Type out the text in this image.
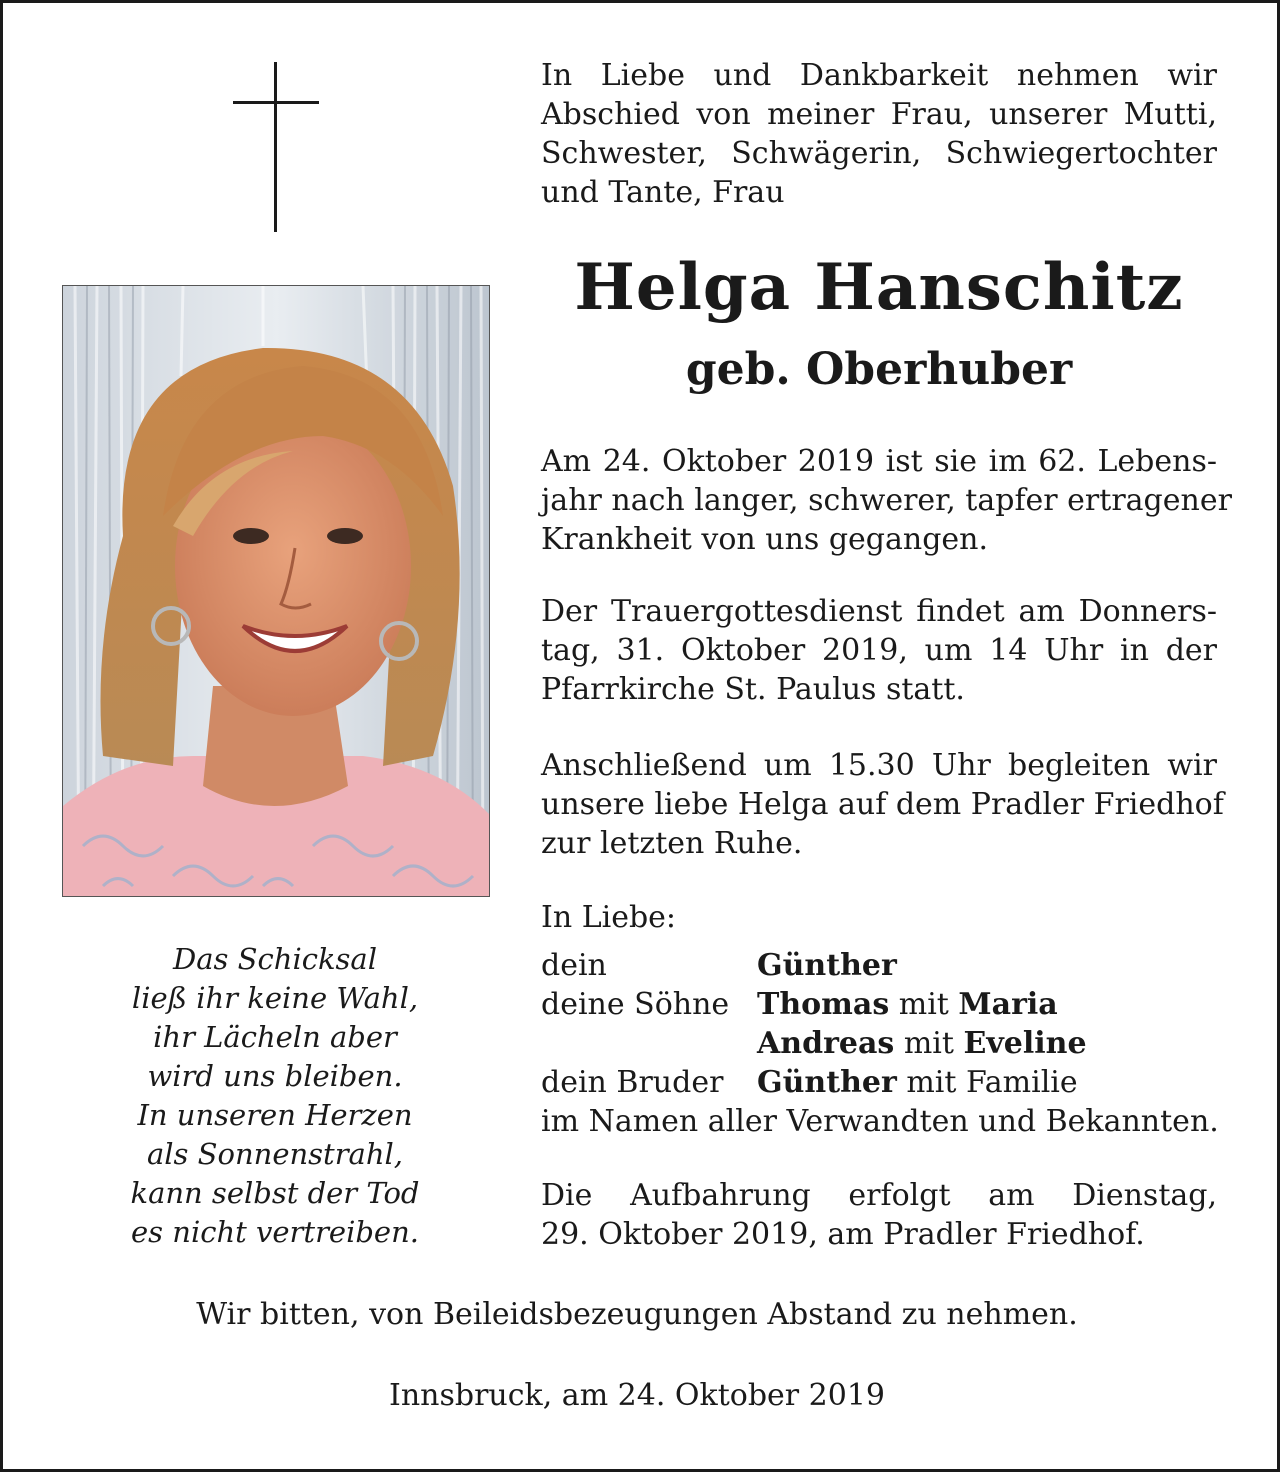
In Liebe und Dankbarkeit nehmen wir
Abschied von meiner Frau, unserer Mutti,
Schwester, Schwägerin, Schwiegertochter
und Tante, Frau
Helga Hanschitz
geb. Oberhuber
Am 24. Oktober 2019 ist sie im 62. Lebens-
jahr nach langer, schwerer, tapfer ertragener
Krankheit von uns gegangen.
Der Trauergottesdienst findet am Donners-
tag, 31. Oktober 2019, um 14 Uhr in der
Pfarrkirche St. Paulus statt.
Anschließend um 15.30 Uhr begleiten wir
unsere liebe Helga auf dem Pradler Friedhof
zur letzten Ruhe.
In Liebe:
dein	Günther
deine Söhne Thomas
mit
Maria
Andreas
mit
Eveline
dein Bruder	Günther
mit Familie
im Namen aller Verwandten und Bekannten.
Die Aufbahrung erfolgt am Dienstag,
29. Oktober 2019, am Pradler Friedhof.
Das Schicksal
ließ ihr keine Wahl,
ihr Lächeln aber
wird uns bleiben.
In unseren Herzen
als Sonnenstrahl,
kann selbst der Tod
es nicht vertreiben.
Wir bitten, von Beileidsbezeugungen Abstand zu nehmen.
Innsbruck, am 24. Oktober 2019
